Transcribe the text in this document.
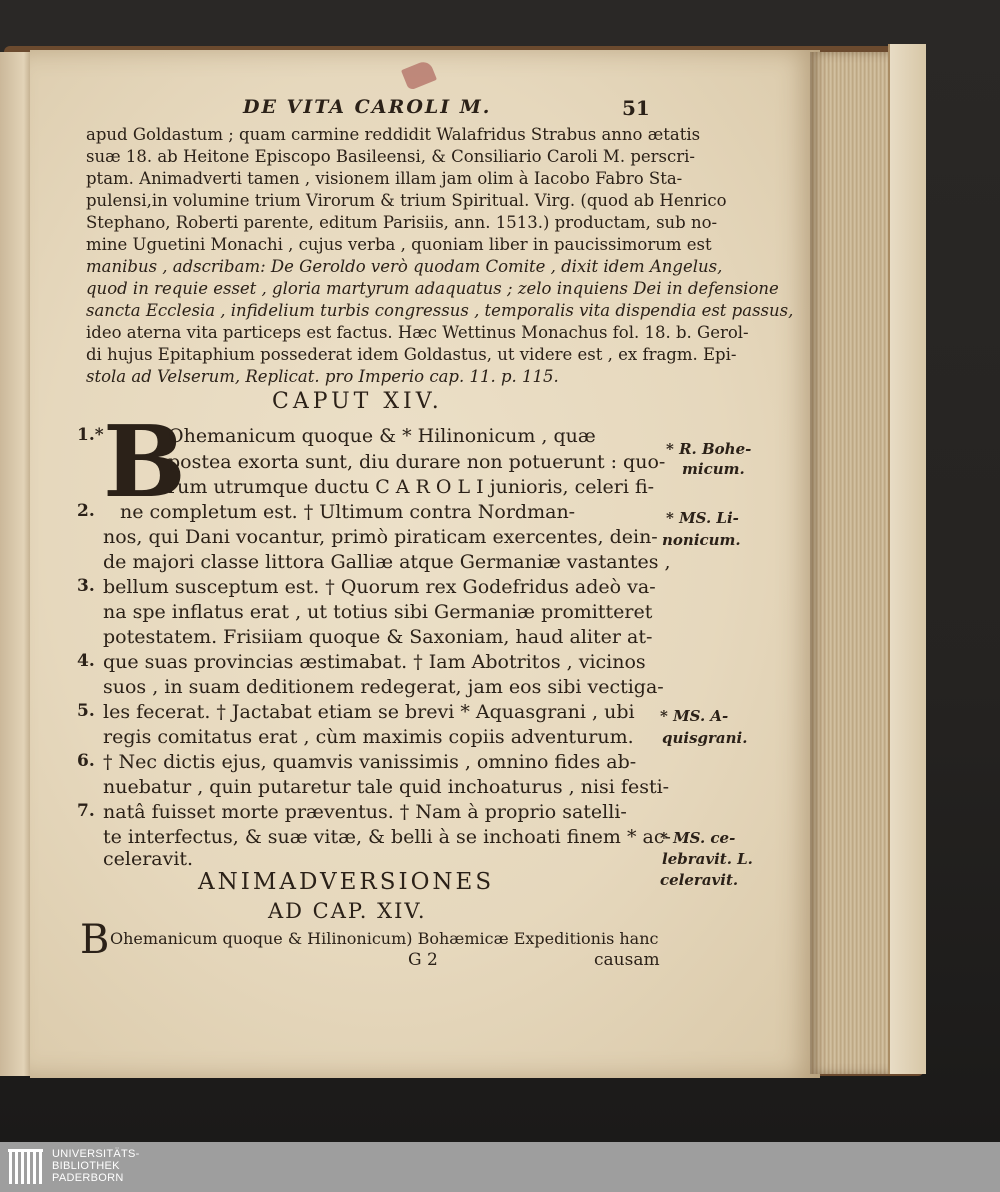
DE VITA CAROLI M.	51
apud Goldastum ; quam carmine reddidit Walafridus Strabus anno ætatis
suæ 18. ab Heitone Episcopo Basileensi, & Consiliario Caroli M. perscri-
ptam. Animadverti tamen , visionem illam jam olim à Iacobo Fabro Sta-
pulensi,in volumine trium Virorum & trium Spiritual. Virg. (quod ab Henrico
Stephano, Roberti parente, editum Parisiis, ann. 1513.) productam, sub no-
mine Uguetini Monachi , cujus verba , quoniam liber in paucissimorum est
manibus , adscribam: De Geroldo verò quodam Comite , dixit idem Angelus,
quod in requie esset , gloria martyrum adaquatus ; zelo inquiens Dei in defensione
sancta Ecclesia , infidelium turbis congressus , temporalis vita dispendia est passus,
ideo aterna vita particeps est factus. Hæc Wettinus Monachus fol. 18. b. Gerol-
di hujus Epitaphium possederat idem Goldastus, ut videre est , ex fragm. Epi-
stola ad Velserum, Replicat. pro Imperio cap. 11. p. 115.
CAPUT XIV.
B
Ohemanicum quoque & * Hilinonicum , quæ
postea exorta sunt, diu durare non potuerunt : quo-
rum utrumque ductu C A R O L I junioris, celeri fi-
ne completum est. † Ultimum contra Nordman-
nos, qui Dani vocantur, primò piraticam exercentes, dein-
de majori classe littora Galliæ atque Germaniæ vastantes ,
bellum susceptum est. † Quorum rex Godefridus adeò va-
na spe inflatus erat , ut totius sibi Germaniæ promitteret
potestatem. Frisiiam quoque & Saxoniam, haud aliter at-
que suas provincias æstimabat. † Iam Abotritos , vicinos
suos , in suam deditionem redegerat, jam eos sibi vectiga-
les fecerat. † Jactabat etiam se brevi * Aquasgrani , ubi
regis comitatus erat , cùm maximis copiis adventurum.
† Nec dictis ejus, quamvis vanissimis , omnino fides ab-
nuebatur , quin putaretur tale quid inchoaturus , nisi festi-
natâ fuisset morte præventus. † Nam à proprio satelli-
te interfectus, & suæ vitæ, & belli à se inchoati finem * ac-
celeravit.
1.*
2.
3.
4.
5.
6.
7.
* R. Bohe-
micum.
* MS. Li-
nonicum.
* MS. A-
quisgrani.
* MS. ce-
lebravit. L.
celeravit.
ANIMADVERSIONES
AD CAP. XIV.
B Ohemanicum quoque & Hilinonicum) Bohæmicæ Expeditionis hanc
G 2	causam
UNIVERSITÄTS-
BIBLIOTHEK
PADERBORN
